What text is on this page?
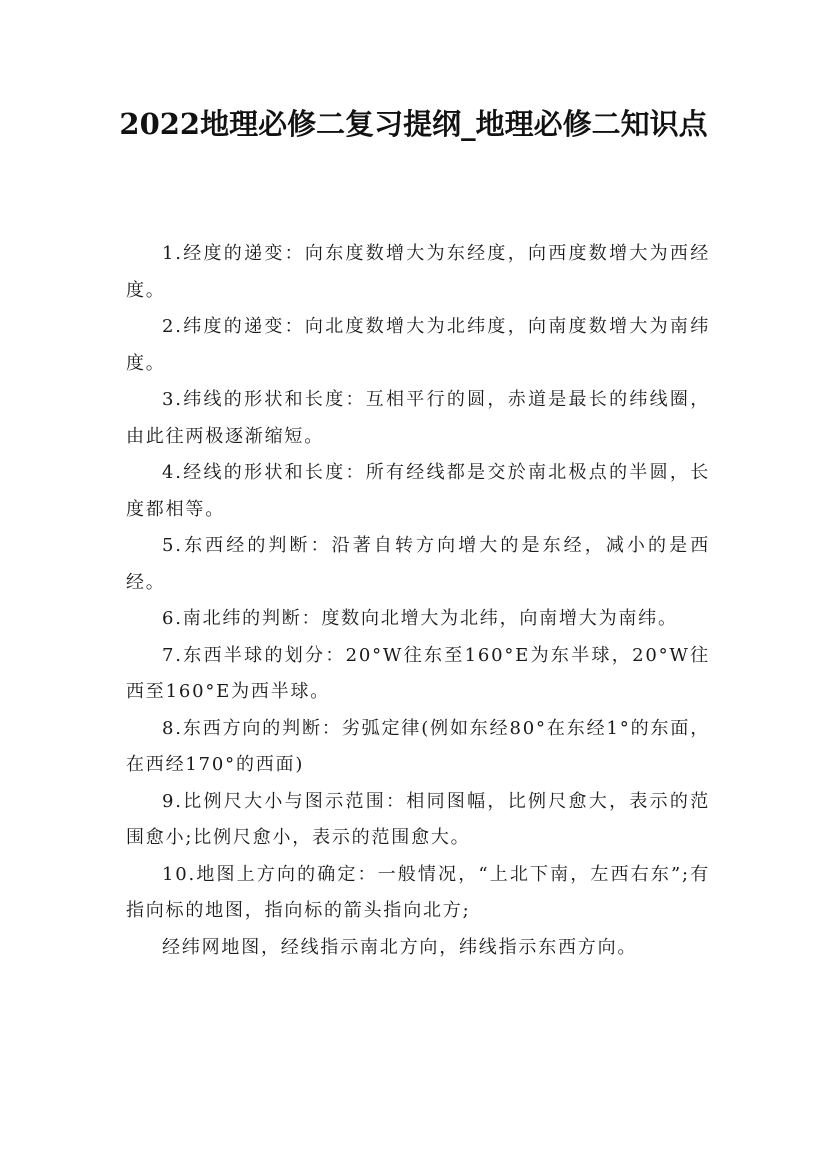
2022地理必修二复习提纲_地理必修二知识点

1.经度的递变：向东度数增大为东经度，向西度数增大为西经度。

2.纬度的递变：向北度数增大为北纬度，向南度数增大为南纬度。

3.纬线的形状和长度：互相平行的圆，赤道是最长的纬线圈，由此往两极逐渐缩短。

4.经线的形状和长度：所有经线都是交於南北极点的半圆，长度都相等。

5.东西经的判断：沿著自转方向增大的是东经，减小的是西经。

6.南北纬的判断：度数向北增大为北纬，向南增大为南纬。

7.东西半球的划分：20°W往东至160°E为东半球，20°W往西至160°E为西半球。

8.东西方向的判断：劣弧定律(例如东经80°在东经1°的东面，在西经170°的西面)

9.比例尺大小与图示范围：相同图幅，比例尺愈大，表示的范围愈小;比例尺愈小，表示的范围愈大。

10.地图上方向的确定：一般情况，“上北下南，左西右东”;有指向标的地图，指向标的箭头指向北方;

经纬网地图，经线指示南北方向，纬线指示东西方向。
